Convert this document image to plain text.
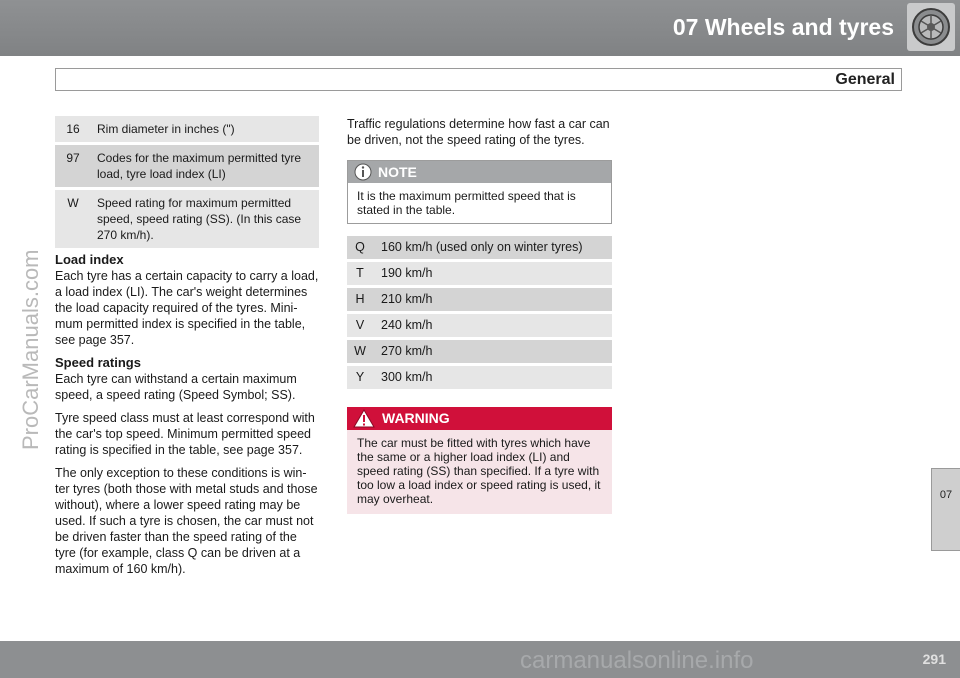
07 Wheels and tyres
General
ProCarManuals.com
16	Rim diameter in inches (")
97	Codes for the maximum permitted tyre load, tyre load index (LI)
W	Speed rating for maximum permitted speed, speed rating (SS). (In this case 270 km/h).

Load index

Each tyre has a certain capacity to carry a load, a load index (LI). The car's weight determines the load capacity required of the tyres. Mini-mum permitted index is specified in the table, see page 357.

Speed ratings

Each tyre can withstand a certain maximum speed, a speed rating (Speed Symbol; SS).

Tyre speed class must at least correspond with the car's top speed. Minimum permitted speed rating is specified in the table, see page 357.

The only exception to these conditions is win-ter tyres (both those with metal studs and those without), where a lower speed rating may be used. If such a tyre is chosen, the car must not be driven faster than the speed rating of the tyre (for example, class Q can be driven at a maximum of 160 km/h).

Traffic regulations determine how fast a car can be driven, not the speed rating of the tyres.
NOTE
It is the maximum permitted speed that is stated in the table.
Q	160 km/h (used only on winter tyres)
T	190 km/h
H	210 km/h
V	240 km/h
W	270 km/h
Y	300 km/h
WARNING
The car must be fitted with tyres which have the same or a higher load index (LI) and speed rating (SS) than specified. If a tyre with too low a load index or speed rating is used, it may overheat.	07
carmanualsonline.info	291
